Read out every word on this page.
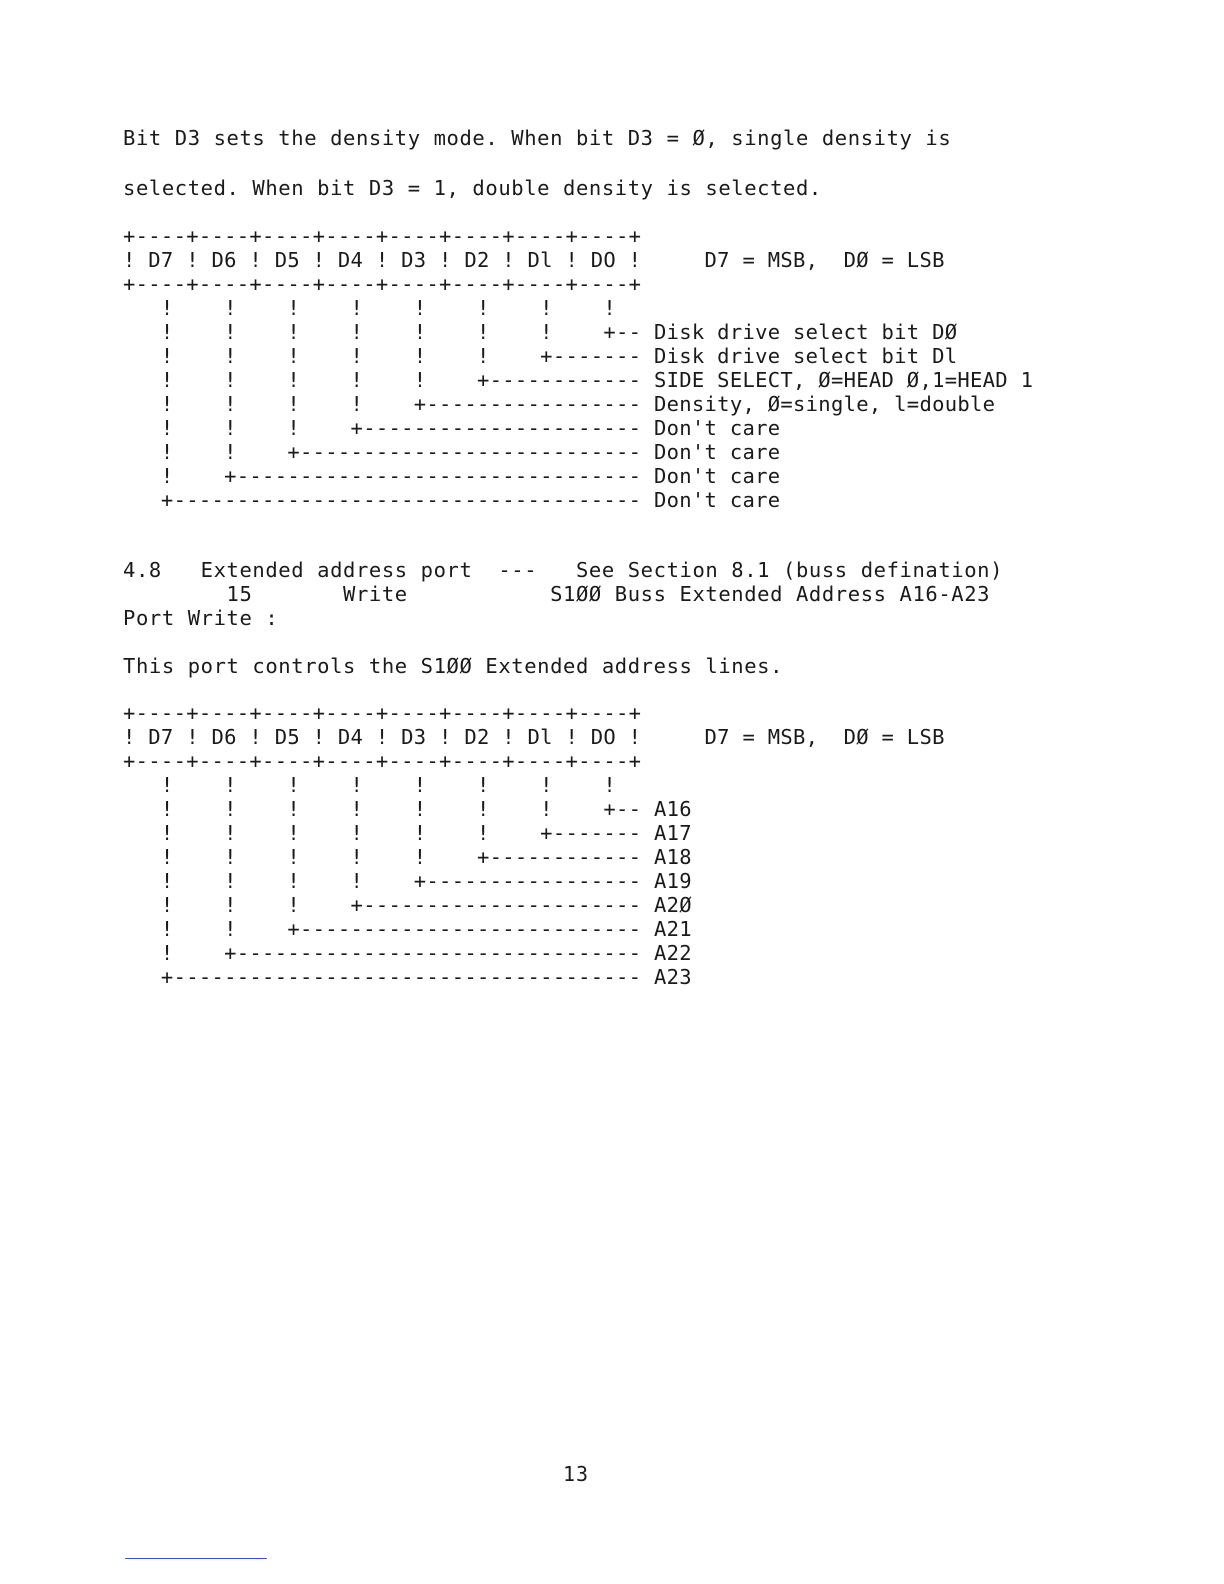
Bit D3 sets the density mode. When bit D3 = Ø, single density is
selected. When bit D3 = 1, double density is selected.
+----+----+----+----+----+----+----+----+
! D7 ! D6 ! D5 ! D4 ! D3 ! D2 ! Dl ! DO !     D7 = MSB,  DØ = LSB
+----+----+----+----+----+----+----+----+
!    !    !    !    !    !    !    !
!    !    !    !    !    !    !    +-- Disk drive select bit DØ
!    !    !    !    !    !    +------- Disk drive select bit Dl
!    !    !    !    !    +------------ SIDE SELECT, Ø=HEAD Ø,1=HEAD 1
!    !    !    !    +----------------- Density, Ø=single, l=double
!    !    !    +---------------------- Don't care
!    !    +--------------------------- Don't care
!    +-------------------------------- Don't care
+------------------------------------- Don't care
4.8   Extended address port  ---   See Section 8.1 (buss defination)
15       Write           S1ØØ Buss Extended Address A16-A23
Port Write :
This port controls the S1ØØ Extended address lines.
+----+----+----+----+----+----+----+----+
! D7 ! D6 ! D5 ! D4 ! D3 ! D2 ! Dl ! DO !     D7 = MSB,  DØ = LSB
+----+----+----+----+----+----+----+----+
!    !    !    !    !    !    !    !
!    !    !    !    !    !    !    +-- A16
!    !    !    !    !    !    +------- A17
!    !    !    !    !    +------------ A18
!    !    !    !    +----------------- A19
!    !    !    +---------------------- A2Ø
!    !    +--------------------------- A21
!    +-------------------------------- A22
+------------------------------------- A23
13
